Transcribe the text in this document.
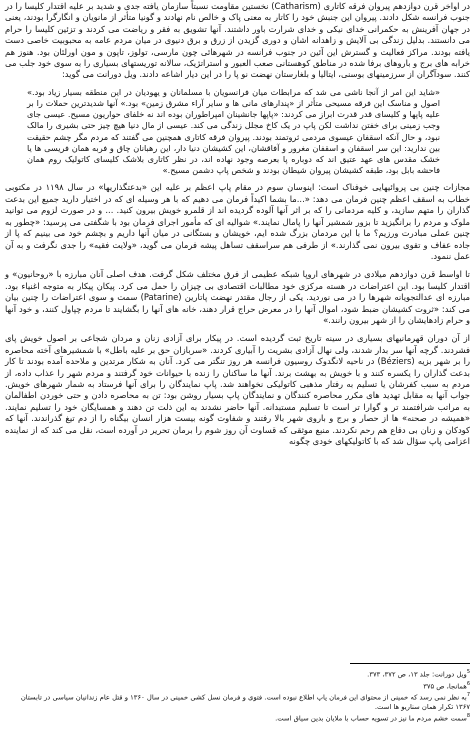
در اواخر قرن دوازدهم پیروان فرقه کاتاری (Catharism) نخستین مقاومت نسبتاً سازمان یافته جدی و شدید بر علیه اقتدار کلیسا را در جنوب فرانسه شکل دادند. پیروان این جنبش خود را کاتار به معنی پاک و خالص نام نهادند و گونیا متأثر از مانویان و انگارگرا بودند، یعنی در جهان آفرینش به حکمرانی خدای نیکی و خدای شرارت باور داشتند. آنها تشویق به فقر و ریاضت می کردند و تزئین کلیسا را حرام می دانستند. بدلیل زندگی بی آلایش و زاهدانه اشان و دوری گزیدن از زرق و برق دنیوی در میان مردم عامه به محبوبیت خاصی دست یافته بودند. مراکز فعالیت و گسترش این آئین در جنوب فرانسه در شهرهائی چون مارسی، تولوز، تاپون و مون اورلئان بود. هنوز هم خرابه های برج و باروهای برفا شده در مناطق کوهستانی صعب العبور و استراتژیک، سالانه توریستهای بسیاری را به سوی خود جلب می کنند. سودآگران از سرزمینهای بوسنی، ایتالیا و بلغارستان نهضت نو پا را در این دیار اشاعه دادند. ویل دورانت می گوید:

«شاید این امر از آنجا ناشی می شد که مرابطات میان فرانسویان با مسلمانان و یهودیان در این منطقه بسیار زیاد بود.» اصول و مناسک این فرقه مسیحی متأثر از «پندارهای مانی ها و سایر آراء مشرق زمین» بود.» آنها شدیدترین حملات را بر علیه پاپها و کلیسای قدر قدرت ابراز می کردند: «پاپها جانشینان امپراطوران بوده اند نه خلفای حواریون مسیح. عیسی جای وجب زمینی برای خفتن نداشت لکن پاپ در یک کاخ مجلل زندگی می کند. عیسی از مال دنیا هیچ چیز حتی بشیری را مالک نبود، و حال آنکه اسقفان عیسوی مردمی ثروتمند بودند. پیروان فرقه کاتاری همچنین می گفتند که مردم مگر چشم حقیقت بین ندارید: این سر اسقفان و اسقفان مغرور و آفاقشان، این کشیشان دنیا دار، این رهبانان چاق و فربه همان فریسی ها یا خشک مقدس های عهد عتیق اند که دوباره پا بعرصه وجود نهاده اند، در نظر کاتاری بلاشک کلیسای کاتولیک روم همان فاحشه بابل بود، طبقه کشیشان پیروان شیطان بودند و شخص پاپ دشمن مسیح.»

مجازات چنین بی پروائیهایی خوفناک است: اینوسان سوم در مقام پاپ اعظم بر علیه این «بدعتگذاریها» در سال ۱۱۹۸ در مکتوبی خطاب به اسقف اعظم چنین فرمان می دهد: «...ما بشما اکیداً فرمان می دهیم که با هر وسیله ای که در اختیار دارید جمیع این بدعت گذاران را متهم سازید، و کلیه مردمانی را که بر اثر آنها آلوده گردیده اند از قلمرو خویش بیرون کنید. ... و در صورت لزوم می توانید ملوک و مردم را برانگیزید تا بزور شمشیر آنها را پامال نمایند.» شوالیه ای که مأمور اجرای فرمان بود با شگفتی می پرسید: «چطور به چنین عملی مبادرت ورزیم؟ ما با این مردمان بزرگ شده ایم، خویشان و بستگانی در میان آنها داریم و بچشم خود می بینیم که پا از جاده عفاف و تقوی بیرون نمی گذارند.» از طرفی هم سراسقف تساهل پیشه فرمان می گوید، «ولایت فقیه» را جدی نگرفت و به آن عمل ننمود.

تا اواسط قرن دوازدهم میلادی در شهرهای اروپا شبکه عظیمی از فرق مختلف شکل گرفت. هدف اصلی آنان مبارزه با «روحانیون» و اقتدار کلیسا بود. این اعتراضات در هسته مرکزی خود مطالبات اقتصادی بی چیزان را حمل می کرد. پیکان پیکار به متوجه اغنیاء بود. مبارزه ای عدالتجویانه شهرها را در می نوردید. یکی از رجال مقتدر نهضت پاتارین (Patarine) سمت و سوی اعتراضات را چنین بیان می کند: «ثروت کشیشان ضبط شود، اموال آنها را در معرض حراج قرار دهند، خانه های آنها را بگشایند تا مردم چپاول کنند، و خود آنها و حرام زادهایشان را از شهر بیرون رانند.»

از آن دوران قهرمانیهای بسیاری در سینه تاریخ ثبت گردیده است. در پیکار برای آزادی زنان و مردان شجاعی بر اصول خویش پای فشردند. گرچه آنها سر بدار شدند، ولی نهال آزادی بشریت را آبیاری کردند. «سربازان حق بر علیه باطل» با شمشیرهای آخته محاصره را بر شهر بزیه (Béziers) در ناحیه لانگدوک روسیون فرانسه هر روز تنگتر می کرد. آنان به شکار مرتدین و ملاحده آمده بودند تا کار بدعت گذاران را یکسره کنند و با خویش به بهشت برند. آنها ما ساکنان را زنده با حیوانات خود گرفتند و مردم شهر را عذاب داده، از مردم به سبب کفرشان یا تسلیم به رفتار مذهبی کاتولیکی نخواهند شد. پاپ نمایندگان را برای آنها فرستاد به شمار شهرهای خویش. جواب آنها به مقابل تهدید های مکرر محاصره کنندگان و نمایندگان پاپ بسیار روشن بود: تن به محاصره دادن و حتی خوردن اطفالمان به مراتب شرافتمند تر و گوارا تر است تا تسلیم مستبدانه. آنها حاضر نشدند به این ذلت تن دهند و همسایگان خود را تسلیم نمایند. «همیشه در صحنه» ها از حصار و برج و باروی شهر بالا رفتند و شفاوت گونه بیست هزار انسان بیگناه را از دم تیغ گذراندند. آنها که کودکان و زنان بی دفاع هم رحم نکردند. منبع موثقی که قساوت آن روز شوم را برمان تحریر در آورده است، نقل می کند که از نماینده اعزامی پاپ سؤال شد که با کاتولیکهای خودی چگونه

$^5$ویل دورانت: جلد ۱۳، ص ۳۷۲، ۳۷۳.

$^6$همانجا، ص ۳۷۵

$^7$به نظر نمی رسد که خمینی از محتوای این فرمان پاپ اطلاع نبوده است. فتوی و فرمان نسل کشی خمینی در سال ۱۳۶۰ و قتل عام زندانیان سیاسی در تابستان ۱۳۶۷ تکرار همان سناریو ها است.

$^8$سمت خشم مردم ما نیز در تسویه حساب با ملایان بدین سیاق است.
